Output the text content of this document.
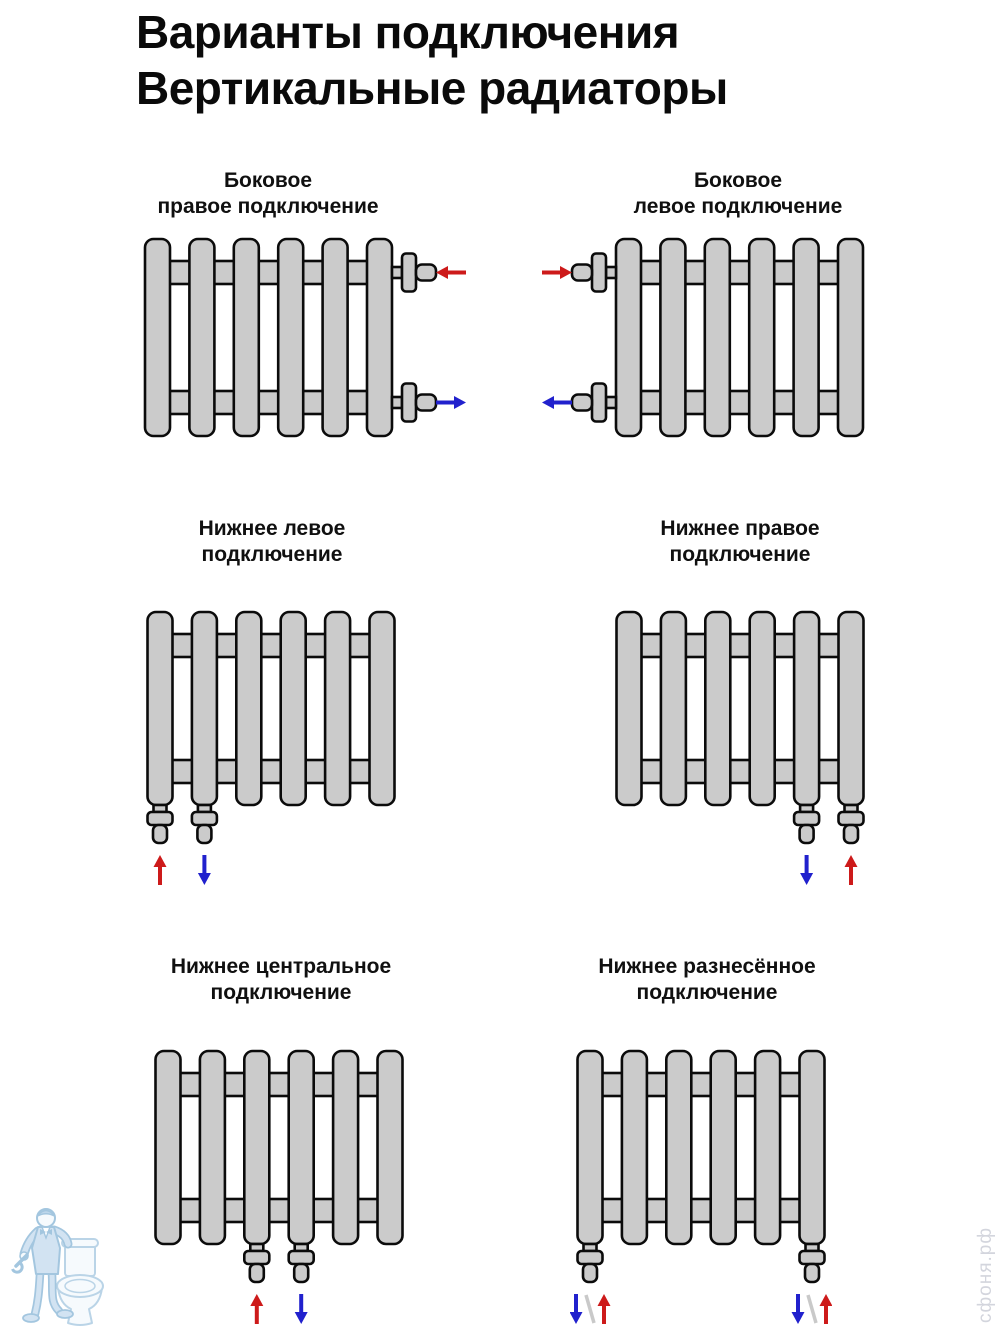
Варианты подключения
Вертикальные радиаторы
Боковое
правое подключение
Боковое
левое подключение
Нижнее левое
подключение
Нижнее правое
подключение
Нижнее центральное
подключение
Нижнее разнесённое
подключение
сфоня.рф
